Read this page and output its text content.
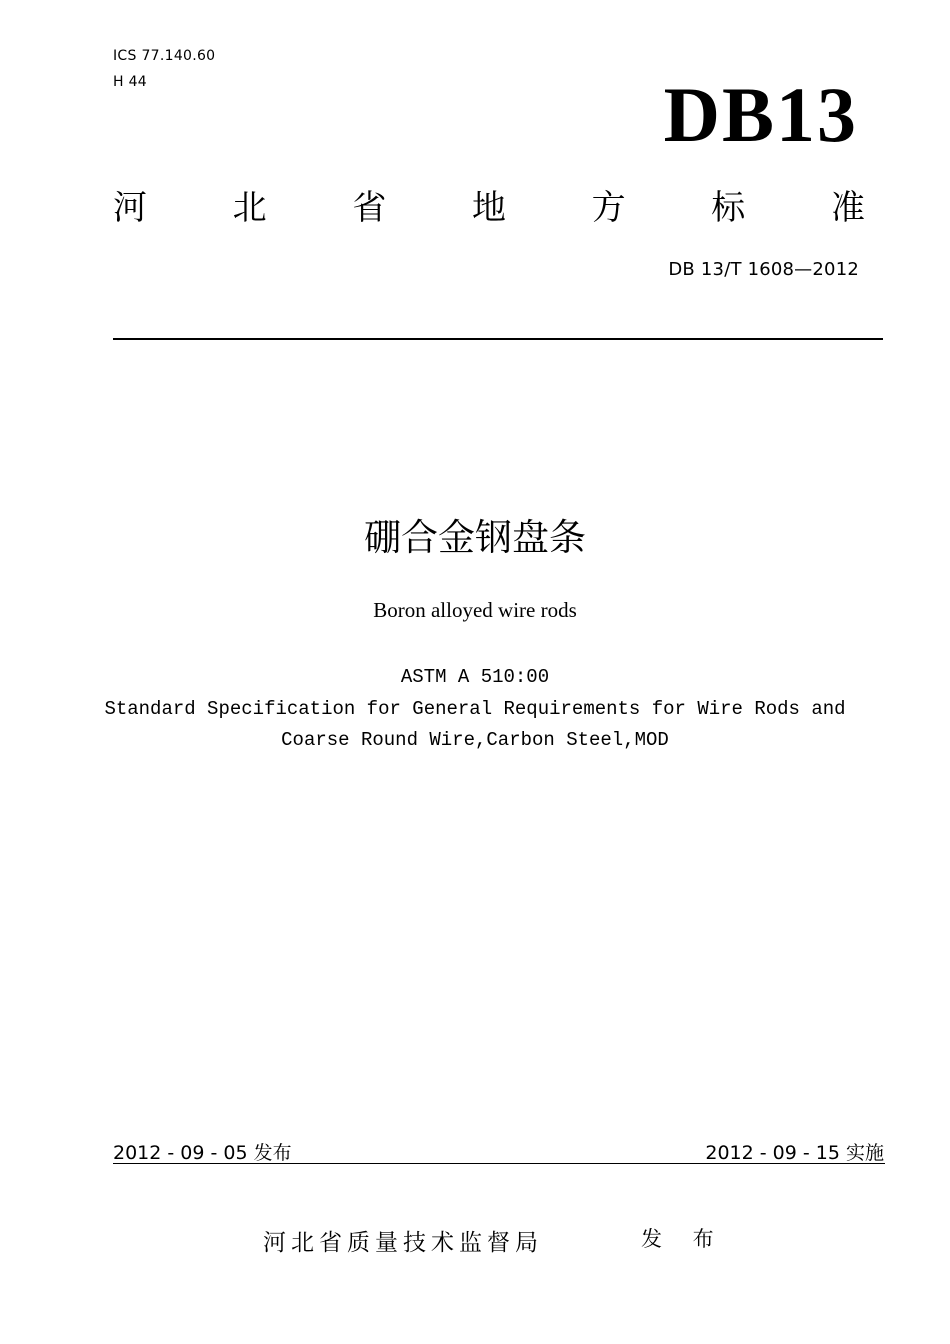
ICS 77.140.60
H 44	DB13
河	北	省	地	方	标	准
DB 13/T 1608—2012
硼合金钢盘条
Boron alloyed wire rods
ASTM A 510:00
Standard Specification for General Requirements for Wire Rods and
Coarse Round Wire,Carbon Steel,MOD
2012 - 09 - 05 发布	2012 - 09 - 15 实施
河北省质量技术监督局	发 布
